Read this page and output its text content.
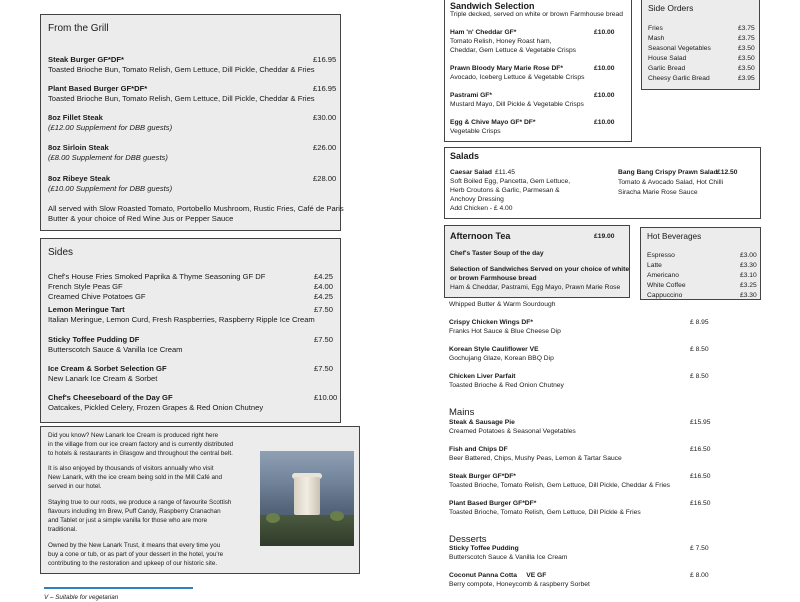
From the Grill
Steak Burger GF*DF*
Toasted Brioche Bun, Tomato Relish, Gem Lettuce, Dill Pickle, Cheddar & Fries
£16.95
Plant Based Burger GF*DF*
Toasted Brioche Bun, Tomato Relish, Gem Lettuce, Dill Pickle, Cheddar & Fries
£16.95
8oz Fillet Steak
(£12.00 Supplement for DBB guests)
£30.00
8oz Sirloin Steak
(£8.00 Supplement for DBB guests)
£26.00
8oz Ribeye Steak
(£10.00 Supplement for DBB guests)
£28.00
All served with Slow Roasted Tomato, Portobello Mushroom, Rustic Fries, Café de Paris
Butter & your choice of Red Wine Jus or Pepper Sauce
Sides
Chef's House Fries Smoked Paprika & Thyme Seasoning GF DF	£4.25
French Style Peas GF	£4.00
Creamed Chive Potatoes GF	£4.25
Lemon Meringue Tart
Italian Meringue, Lemon Curd, Fresh Raspberries, Raspberry Ripple Ice Cream
£7.50
Sticky Toffee Pudding DF
Butterscotch Sauce & Vanilla Ice Cream
£7.50
Ice Cream & Sorbet Selection GF
New Lanark Ice Cream & Sorbet
£7.50
Chef's Cheeseboard of the Day GF
Oatcakes, Pickled Celery, Frozen Grapes & Red Onion Chutney
£10.00
Did you know? New Lanark Ice Cream is produced right here
in the village from our ice cream factory and is currently distributed
to hotels & restaurants in Glasgow and throughout the central belt.
It is also enjoyed by thousands of visitors annually who visit
New Lanark, with the ice cream being sold in the Mill Café and
served in our hotel.
Staying true to our roots, we produce a range of favourite Scottish
flavours including Irn Brew, Puff Candy, Raspberry Cranachan
and Tablet or just a simple vanilla for those who are more
traditional.
Owned by the New Lanark Trust, it means that every time you
buy a cone or tub, or as part of your dessert in the hotel, you're
contributing to the restoration and upkeep of our historic site.
V – Suitable for vegetarian
Sandwich Selection
Triple decked, served on white or brown Farmhouse bread
Ham 'n' Cheddar GF*
Tomato Relish, Honey Roast ham,
Cheddar, Gem Lettuce & Vegetable Crisps
£10.00
Prawn Bloody Mary Marie Rose DF*
Avocado, Iceberg Lettuce & Vegetable Crisps
£10.00
Pastrami GF*
Mustard Mayo, Dill Pickle & Vegetable Crisps
£10.00
Egg & Chive Mayo GF* DF*
Vegetable Crisps
£10.00
Side Orders
Fries	£3.75
Mash	£3.75
Seasonal Vegetables	£3.50
House Salad	£3.50
Garlic Bread	£3.50
Cheesy Garlic Bread	£3.95
Salads
Caesar Salad £11.45
Soft Boiled Egg, Pancetta, Gem Lettuce,
Herb Croutons & Garlic, Parmesan &
Anchovy Dressing
Add Chicken - £ 4.00
Bang Bang Crispy Prawn Salad £12.50
Tomato & Avocado Salad, Hot Chilli
Siracha Marie Rose Sauce
Afternoon Tea	£19.00
Chef's Taster Soup of the day
Selection of Sandwiches Served on your choice of white
or brown Farmhouse bread
Ham & Cheddar, Pastrami, Egg Mayo, Prawn Marie Rose
Hot Beverages
Espresso	£3.00
Latte	£3.30
Americano	£3.10
White Coffee	£3.25
Cappuccino	£3.30
Whipped Butter & Warm Sourdough
Crispy Chicken Wings DF*
Franks Hot Sauce & Blue Cheese Dip
£ 8.95
Korean Style Cauliflower VE
Gochujang Glaze, Korean BBQ Dip
£ 8.50
Chicken Liver Parfait
Toasted Brioche & Red Onion Chutney
£ 8.50
Mains
Steak & Sausage Pie
Creamed Potatoes & Seasonal Vegetables
£15.95
Fish and Chips DF
Beer Battered, Chips, Mushy Peas, Lemon & Tartar Sauce
£16.50
Steak Burger GF*DF*
Toasted Brioche, Tomato Relish, Gem Lettuce, Dill Pickle, Cheddar & Fries
£16.50
Plant Based Burger GF*DF*
Toasted Brioche, Tomato Relish, Gem Lettuce, Dill Pickle & Fries
£16.50
Desserts
Sticky Toffee Pudding
Butterscotch Sauce & Vanilla Ice Cream
£ 7.50
Coconut Panna Cotta     VE GF
Berry compote, Honeycomb & raspberry Sorbet
£ 8.00
